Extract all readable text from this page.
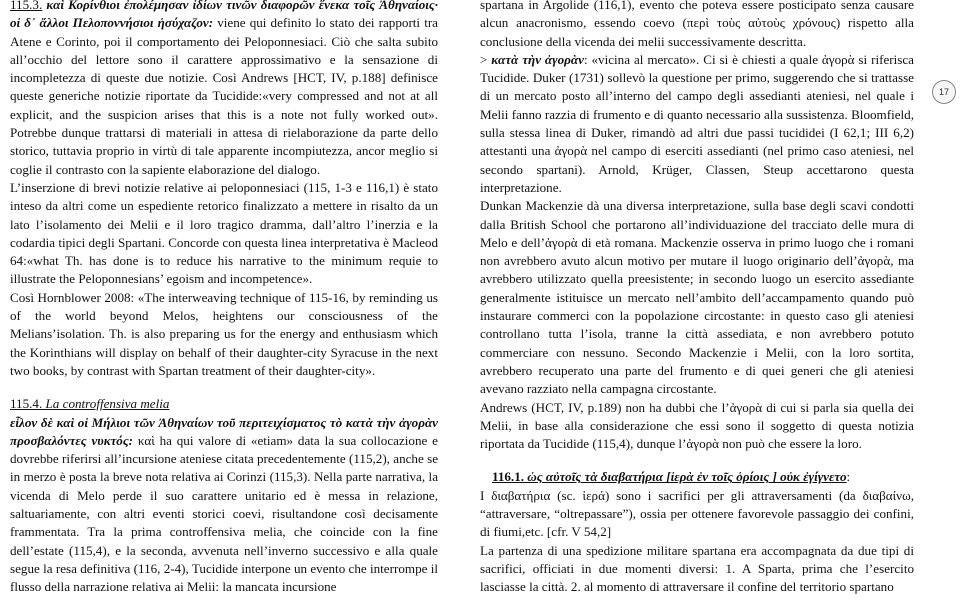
115.3. καὶ Κορίνθιοι ἐπολέμησαν ἰδίων τινῶν διαφορῶν ἕνεκα τοῖς Ἀθηναίοις· οἱ δ᾽ ἄλλοι Πελοποννήσιοι ἡσύχαζον: viene qui definito lo stato dei rapporti tra Atene e Corinto, poi il comportamento dei Peloponnesiaci. Ciò che salta subito all’occhio del lettore sono il carattere approssimativo e la sensazione di incompletezza di queste due notizie. Così Andrews [HCT, IV, p.188] definisce queste generiche notizie riportate da Tucidide:«very compressed and not at all explicit, and the suspicion arises that this is a note not fully worked out». Potrebbe dunque trattarsi di materiali in attesa di rielaborazione da parte dello storico, tuttavia proprio in virtù di tale apparente incompiutezza, ancor meglio si coglie il contrasto con la sapiente elaborazione del dialogo.

L’inserzione di brevi notizie relative ai peloponnesiaci (115, 1-3 e 116,1) è stato inteso da altri come un espediente retorico finalizzato a mettere in risalto da un lato l’isolamento dei Melii e il loro tragico dramma, dall’altro l’inerzia e la codardia tipici degli Spartani. Concorde con questa linea interpretativa è Macleod 64:«what Th. has done is to reduce his narrative to the minimum requie to illustrate the Peloponnesians’ egoism and incompetence».

Così Hornblower 2008: «The interweaving technique of 115-16, by reminding us of the world beyond Melos, heightens our consciousness of the Melians’isolation. Th. is also preparing us for the energy and enthusiasm which the Korinthians will display on behalf of their daughter-city Syracuse in the next two books, by contrast with Spartan treatment of their daughter-city».

115.4. La controffensiva melia

εἷλον δὲ καὶ οἱ Μήλιοι τῶν Ἀθηναίων τοῦ περιτειχίσματος τὸ κατὰ τὴν ἀγορὰν προσβαλόντες νυκτός: καὶ ha qui valore di «etiam» data la sua collocazione e dovrebbe riferirsi all’incursione ateniese citata precedentemente (115,2), anche se in merzo è posta la breve nota relativa ai Corinzi (115,3). Nella parte narrativa, la vicenda di Melo perde il suo carattere unitario ed è messa in relazione, saltuariamente, con altri eventi storici coevi, risultandone così decisamente frammentata. Tra la prima controffensiva melia, che coincide con la fine dell’estate (115,4), e la seconda, avvenuta nell’inverno successivo e alla quale segue la resa definitiva (116, 2-4), Tucidide interpone un evento che interrompe il flusso della narrazione relativa ai Melii: la mancata incursione

spartana in Argolide (116,1), evento che poteva essere posticipato senza causare alcun anacronismo, essendo coevo (περὶ τοὺς αὐτοὺς χρόνους) rispetto alla conclusione della vicenda dei melii successivamente descritta.

> κατὰ τὴν ἀγορὰν: «vicina al mercato». Ci si è chiesti a quale ἀγορὰ si riferisca Tucidide. Duker (1731) sollevò la questione per primo, suggerendo che si trattasse di un mercato posto all’interno del campo degli assedianti ateniesi, nel quale i Melii fanno razzia di frumento e di quanto necessario alla sussistenza. Bloomfield, sulla stessa linea di Duker, rimandò ad altri due passi tucididei (I 62,1; III 6,2) attestanti una ἀγορὰ nel campo di eserciti assedianti (nel primo caso ateniesi, nel secondo spartani). Arnold, Krüger, Classen, Steup accettarono questa interpretazione.

Dunkan Mackenzie dà una diversa interpretazione, sulla base degli scavi condotti dalla British School che portarono all’individuazione del tracciato delle mura di Melo e dell’ἀγορὰ di età romana. Mackenzie osserva in primo luogo che i romani non avrebbero avuto alcun motivo per mutare il luogo originario dell’ἀγορὰ, ma avrebbero utilizzato quella preesistente; in secondo luogo un esercito assediante generalmente istituisce un mercato nell’ambito dell’accampamento quando può instaurare commerci con la popolazione circostante: in questo caso gli ateniesi controllano tutta l’isola, tranne la città assediata, e non avrebbero potuto commerciare con nessuno. Secondo Mackenzie i Melii, con la loro sortita, avrebbero recuperato una parte del frumento e di quei generi che gli ateniesi avevano razziato nella campagna circostante.

Andrews (HCT, IV, p.189) non ha dubbi che l’ἀγορὰ di cui si parla sia quella dei Melii, in base alla considerazione che essi sono il soggetto di questa notizia riportata da Tucidide (115,4), dunque l’ἀγορὰ non può che essere la loro.

116.1. ὡς αὐτοῖς τὰ διαβατήρια [ἱερὰ ἐν τοῖς ὁρίοις ] οὐκ ἐγίγνετο:

I διαβατήρια (sc. ἱερά) sono i sacrifici per gli attraversamenti (da διαβαίνω, “attraversare, “oltrepassare”), ossia per ottenere favorevole passaggio dei confini, di fiumi,etc. [cfr. V 54,2]

La partenza di una spedizione militare spartana era accompagnata da due tipi di sacrifici, officiati in due momenti diversi: 1. A Sparta, prima che l’esercito lasciasse la città. 2. al momento di attraversare il confine del territorio spartano

17
